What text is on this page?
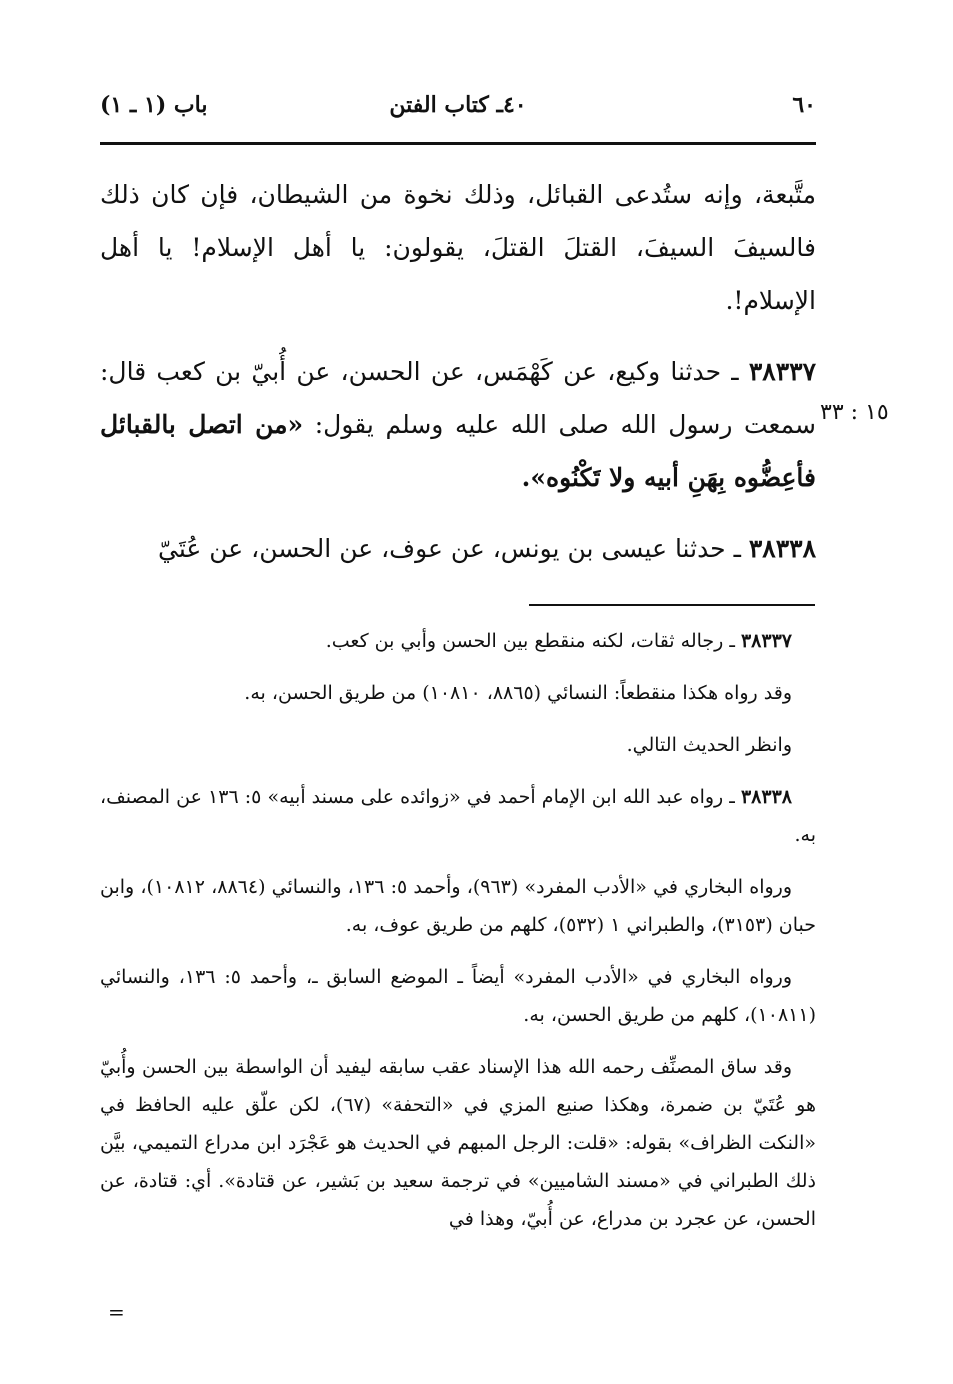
٦٠
٤٠ـ كتاب الفتن
باب (١ ـ ١)
١٥ : ٣٣

متَّبعة، وإنه ستُدعى القبائل، وذلك نخوة من الشيطان، فإن كان ذلك فالسيفَ السيفَ، القتلَ القتلَ، يقولون: يا أهل الإسلام! يا أهل الإسلام!.

٣٨٣٣٧ ـ حدثنا وكيع، عن كَهْمَس، عن الحسن، عن أُبيّ بن كعب قال: سمعت رسول الله صلى الله عليه وسلم يقول: «من اتصل بالقبائل فأعِضُّوه بِهَنِ أبيه ولا تَكْنُوه».

٣٨٣٣٨ ـ حدثنا عيسى بن يونس، عن عوف، عن الحسن، عن عُتَيّ

٣٨٣٣٧ ـ رجاله ثقات، لكنه منقطع بين الحسن وأبي بن كعب.

وقد رواه هكذا منقطعاً: النسائي (٨٨٦٥، ١٠٨١٠) من طريق الحسن، به.

وانظر الحديث التالي.

٣٨٣٣٨ ـ رواه عبد الله ابن الإمام أحمد في «زوائده على مسند أبيه» ٥: ١٣٦ عن المصنف، به.

ورواه البخاري في «الأدب المفرد» (٩٦٣)، وأحمد ٥: ١٣٦، والنسائي (٨٨٦٤، ١٠٨١٢)، وابن حبان (٣١٥٣)، والطبراني ١ (٥٣٢)، كلهم من طريق عوف، به.

ورواه البخاري في «الأدب المفرد» أيضاً ـ الموضع السابق ـ، وأحمد ٥: ١٣٦، والنسائي (١٠٨١١)، كلهم من طريق الحسن، به.

وقد ساق المصنِّف رحمه الله هذا الإسناد عقب سابقه ليفيد أن الواسطة بين الحسن وأُبيّ هو عُتَيّ بن ضمرة، وهكذا صنيع المزي في «التحفة» (٦٧)، لكن علّق عليه الحافظ في «النكت الظراف» بقوله: «قلت: الرجل المبهم في الحديث هو عَجْرَد ابن مدراع التميمي، بيَّن ذلك الطبراني في «مسند الشاميين» في ترجمة سعيد بن بَشير، عن قتادة». أي: قتادة، عن الحسن، عن عجرد بن مدراع، عن أُبيّ، وهذا في

=
